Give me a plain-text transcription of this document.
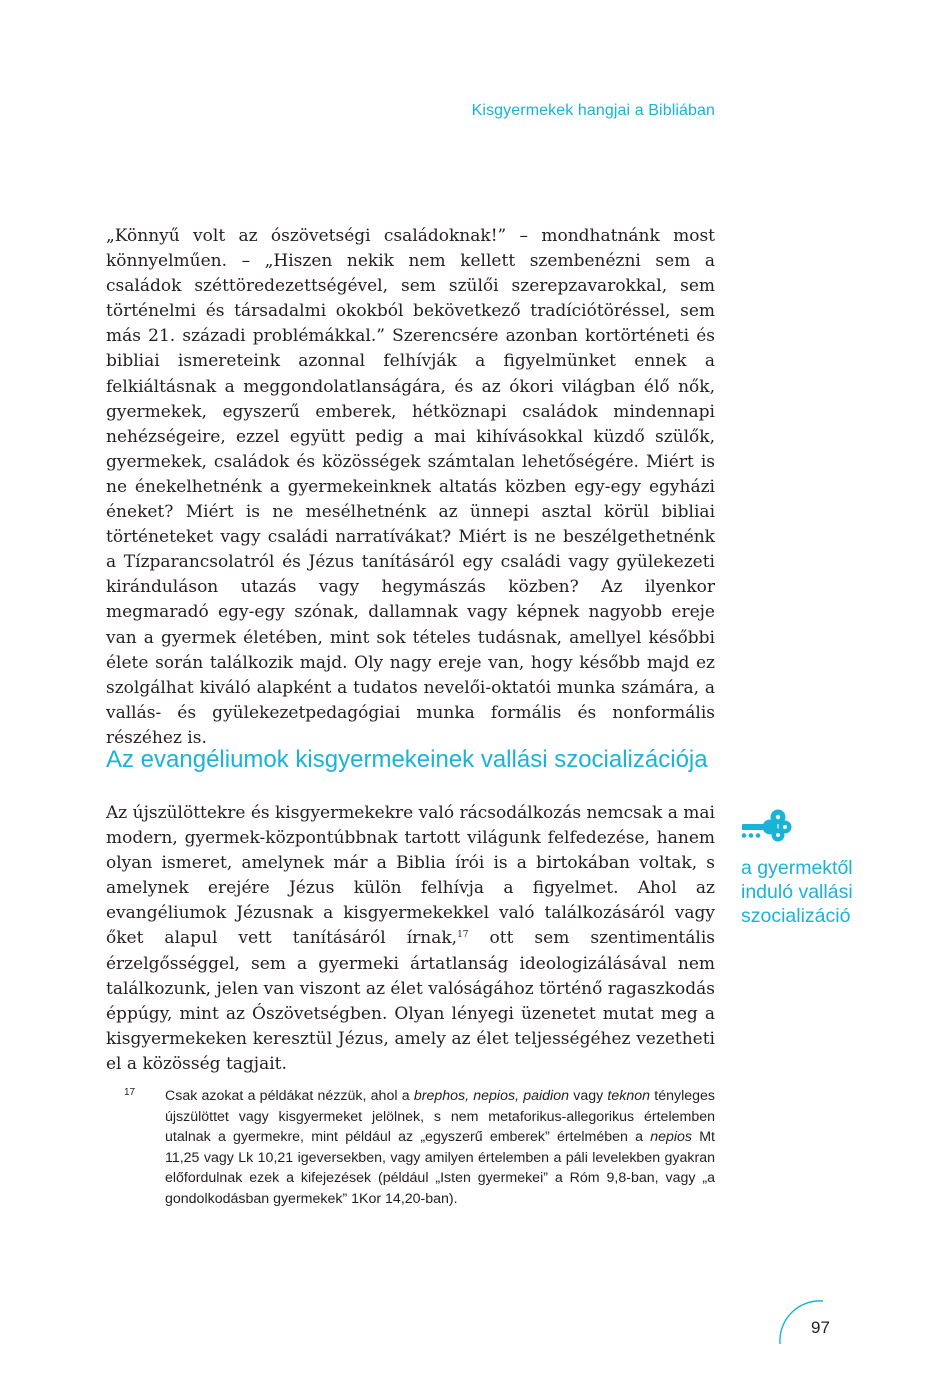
Kisgyermekek hangjai a Bibliában

„Könnyű volt az ószövetségi családoknak!” – mondhatnánk most könnyelműen. – „Hiszen nekik nem kellett szembenézni sem a családok széttöredezettségével, sem szülői szerepzavarokkal, sem történelmi és társadalmi okokból bekövetkező tradíciótöréssel, sem más 21. századi problémákkal.” Szerencsére azonban kortörténeti és bibliai ismereteink azonnal felhívják a figyelmünket ennek a felkiáltásnak a meggondolatlanságára, és az ókori világban élő nők, gyermekek, egyszerű emberek, hétköznapi családok mindennapi nehézségeire, ezzel együtt pedig a mai kihívásokkal küzdő szülők, gyermekek, családok és közösségek számtalan lehetőségére. Miért is ne énekelhetnénk a gyermekeinknek altatás közben egy-egy egyházi éneket? Miért is ne mesélhetnénk az ünnepi asztal körül bibliai történeteket vagy családi narratívákat? Miért is ne beszélgethetnénk a Tízparancsolatról és Jézus tanításáról egy családi vagy gyülekezeti kiránduláson utazás vagy hegymászás közben? Az ilyenkor megmaradó egy-egy szónak, dallamnak vagy képnek nagyobb ereje van a gyermek életében, mint sok tételes tudásnak, amellyel későbbi élete során találkozik majd. Oly nagy ereje van, hogy később majd ez szolgálhat kiváló alapként a tudatos nevelői-oktatói munka számára, a vallás- és gyülekezetpedagógiai munka formális és nonformális részéhez is.

Az evangéliumok kisgyermekeinek vallási szocializációja

Az újszülöttekre és kisgyermekekre való rácsodálkozás nemcsak a mai modern, gyermek-központúbbnak tartott világunk felfedezése, hanem olyan ismeret, amelynek már a Biblia írói is a birtokában voltak, s amelynek erejére Jézus külön felhívja a figyelmet. Ahol az evangéliumok Jézusnak a kisgyermekekkel való találkozásáról vagy őket alapul vett tanításáról írnak,$^{17}$ ott sem szentimentális érzelgősséggel, sem a gyermeki ártatlanság ideologizálásával nem találkozunk, jelen van viszont az élet valóságához történő ragaszkodás éppúgy, mint az Ószövetségben. Olyan lényegi üzenetet mutat meg a kisgyermekeken keresztül Jézus, amely az élet teljességéhez vezetheti el a közösség tagjait.

a gyermektől induló vallási szocializáció

17 Csak azokat a példákat nézzük, ahol a brephos, nepios, paidion vagy teknon tényleges újszülöttet vagy kisgyermeket jelölnek, s nem metaforikus-allegorikus értelemben utalnak a gyermekre, mint például az „egyszerű emberek” értelmében a nepios Mt 11,25 vagy Lk 10,21 igeversekben, vagy amilyen értelemben a páli levelekben gyakran előfordulnak ezek a kifejezések (például „Isten gyermekei” a Róm 9,8-ban, vagy „a gondolkodásban gyermekek” 1Kor 14,20-ban).

97
